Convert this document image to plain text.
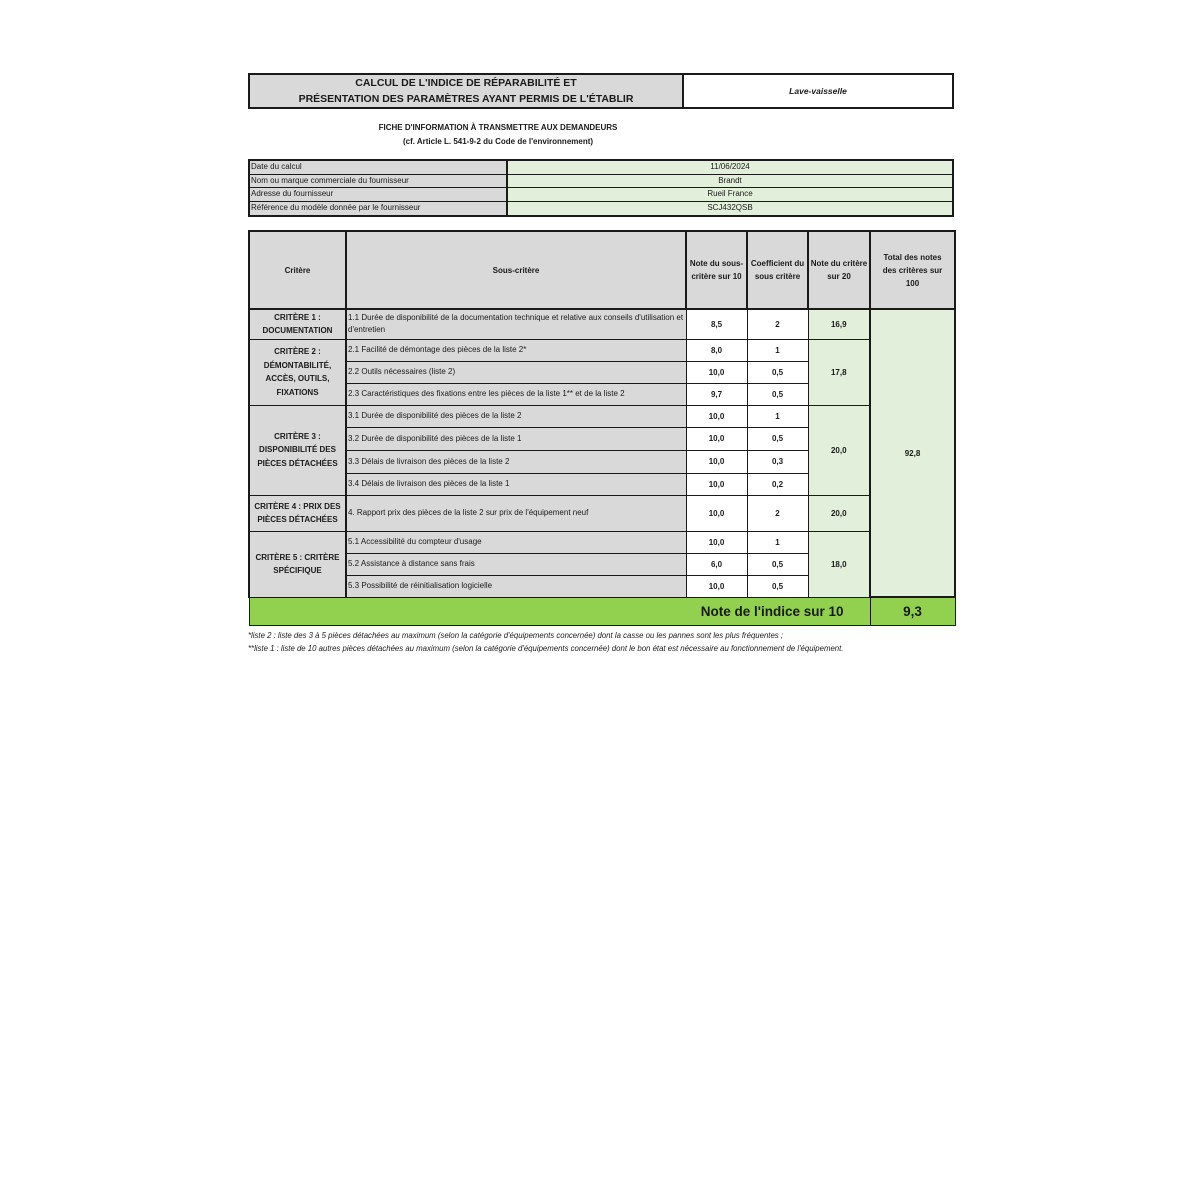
CALCUL DE L'INDICE DE RÉPARABILITÉ ET
PRÉSENTATION DES PARAMÈTRES AYANT PERMIS DE L'ÉTABLIR
Lave-vaisselle
FICHE D'INFORMATION À TRANSMETTRE AUX DEMANDEURS
(cf. Article L. 541-9-2 du Code de l'environnement)
Date du calcul	11/06/2024
Nom ou marque commerciale du fournisseur	Brandt
Adresse du fournisseur	Rueil France
Référence du modèle donnée par le fournisseur	SCJ432QSB
Critère	Sous-critère	Note du sous-critère sur 10	Coefficient du sous critère	Note du critère sur 20	Total des notes des critères sur 100
CRITÈRE 1 : DOCUMENTATION	1.1 Durée de disponibilité de la documentation technique et relative aux conseils d'utilisation et d'entretien	8,5	2	16,9	92,8
CRITÈRE 2 : DÉMONTABILITÉ, ACCÈS, OUTILS, FIXATIONS	2.1 Facilité de démontage des pièces de la liste 2*	8,0	1	17,8	
	2.2 Outils nécessaires (liste 2)	10,0	0,5		
	2.3 Caractéristiques des fixations entre les pièces de la liste 1** et de la liste 2	9,7	0,5		
CRITÈRE 3 : DISPONIBILITÉ DES PIÈCES DÉTACHÉES	3.1 Durée de disponibilité des pièces de la liste 2	10,0	1	20,0	
	3.2 Durée de disponibilité des pièces de la liste 1	10,0	0,5		
	3.3 Délais de livraison des pièces de la liste 2	10,0	0,3		
	3.4 Délais de livraison des pièces de la liste 1	10,0	0,2		
CRITÈRE 4 : PRIX DES PIÈCES DÉTACHÉES	4. Rapport prix des pièces de la liste 2 sur prix de l'équipement neuf	10,0	2	20,0	
CRITÈRE 5 : CRITÈRE SPÉCIFIQUE	5.1 Accessibilité du compteur d'usage	10,0	1	18,0	
	5.2 Assistance à distance sans frais	6,0	0,5		
	5.3 Possibilité de réinitialisation logicielle	10,0	0,5		
Note de l'indice sur 10					9,3
*liste 2 : liste des 3 à 5 pièces détachées au maximum (selon la catégorie d'équipements concernée) dont la casse ou les pannes sont les plus fréquentes ;
**liste 1 : liste de 10 autres pièces détachées au maximum (selon la catégorie d'équipements concernée) dont le bon état est nécessaire au fonctionnement de l'équipement.
